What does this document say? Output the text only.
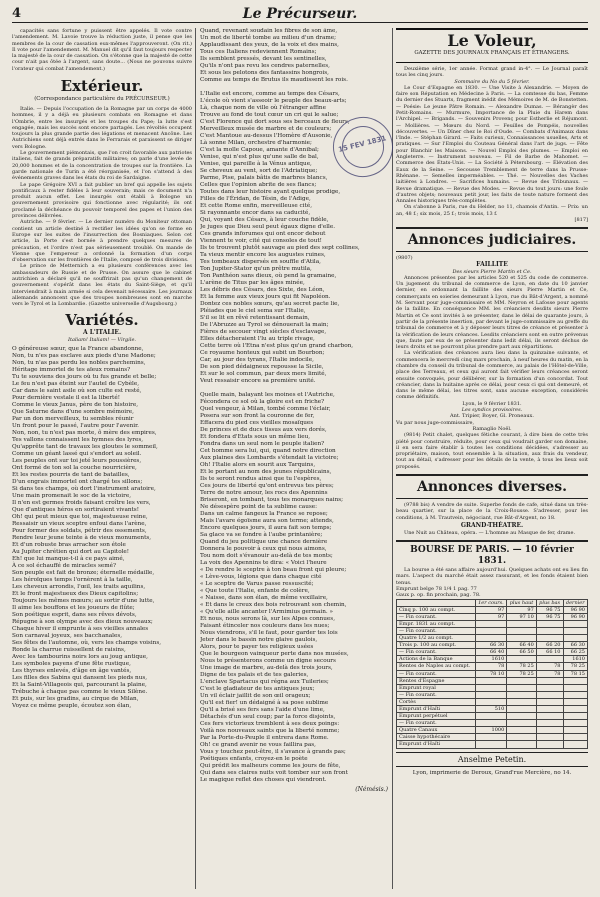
4	Le Précurseur.

capacités sans fortune y puissent être appelés. Il vote contre l'amendement. M. Lavoie trouve la réduction juste, il pense que les membres de la cour de cassation eux-mêmes l'approuveront. (On rit.) Il vote pour l'amendement. M. Manuel dit qu'il faut toujours respecter la majesté de la cour de cassation. On s'étonne que la majesté de cette cour n'ait pas ôtée à l'argent, sans doute... (Nous ne pouvons suivre l'orateur qui combat l'amendement.)

Extérieur.
(Correspondance particulière du PRÉCURSEUR.)

Italie. — Depuis l'occupation de la Romagne par un corps de 4000 hommes, il y a déjà eu plusieurs combats en Romagne et dans l'Ombrie, entre les insurgés et les troupes du Pape; la lutte s'est engagée, mais les succès sont encore partagés. Les révoltés occupent toujours la plus grande partie des légations et menacent Ancône. Les Autrichiens sont déjà entrés dans le Ferrarais et paraissent se diriger vers Bologne.

Le gouvernement piémontais, que l'on croit favorable aux patriotes italiens, fait de grands préparatifs militaires; on parle d'une levée de 20,000 hommes et de la concentration de troupes sur la frontière. La garde nationale de Turin a été réorganisée, et l'on s'attend à des événements graves dans les états du roi de Sardaigne.

Le pape Grégoire XVI a fait publier un bref qui appelle les sujets pontificaux à rester fidèles à leur souverain; mais ce document n'a produit aucun effet. Les insurgés ont établi à Bologne un gouvernement provisoire qui fonctionne avec régularité; ils ont proclamé la déchéance du pouvoir temporel des papes et l'union des provinces délivrées.

Autriche. — 9 février. — Le dernier numéro du Moniteur ottoman contient un article destiné à rectifier les idées qu'on se forme en Europe sur les suites de l'insurrection des Bosniaques. Selon cet article, la Porte s'est bornée à prendre quelques mesures de précaution, et l'ordre n'est pas sérieusement troublé. On mande de Vienne que l'empereur a ordonné la formation d'un corps d'observation sur les frontières de l'Italie, composé de trois divisions.

Le prince de Metternich a eu plusieurs conférences avec les ambassadeurs de Russie et de Prusse. On assure que le cabinet autrichien a déclaré qu'il ne souffrirait pas qu'un changement de gouvernement s'opérât dans les états du Saint-Siège, et qu'il interviendrait à main armée si cela devenait nécessaire. Les journaux allemands annoncent que des troupes nombreuses sont en marche vers le Tyrol et la Lombardie. (Gazette universelle d'Augsbourg.)

Variétés.
A L'ITALIE.
Italiam! Italiam! — Virgile.
O généreuse sœur, que la France abandonne,
Non, tu n'es pas esclave aux pieds d'une Madone;
Non, tu n'as pas perdu les nobles parchemins,
Héritage immortel de tes aïeux romains?
Tu te souviens des jours où tu fus grande et belle;
Le feu n'est pas éteint sur l'autel de Cybèle,
Car dans le saint asile où son culte est resté,
Pour dernière vestale il est la liberté!
Comme le vieux Janus, père de ton histoire,
Que Saturne dans d'une sombre mémoire,
Par un don merveilleux, tu sembles réunir
Un front pour le passé, l'autre pour l'avenir.
Non, non, tu n'est pas morte, ô mère des empires,
Tes vallons connaissent les hymnes des lyres,
Qu'apprête tant de travaux les gloutes le sommeil,
Comme un géant lassé qui s'endort au soleil.
Les peuples ont sur toi jeté leurs poussières,
Ont formé de ton sol la couche nourricière,
Et les restes pourris de tant de batailles,
D'un engrais immortel ont chargé tes sillons;
Si dans tes champs, où dort l'instrument aratoire,
Une main promenait le soc de la victoire,
Il n'en est germes froids faisant croître les vers,
Que d'antiques héros en sortiraient vivants!
Oh! qui peut mieux que toi, majestueuse reine,
Ressaisir un vieux sceptre enfoui dans l'arène,
Pour former des soldats, pétrir des ossements,
Rendre leur jeune teinte à de vieux monuments,
Et d'un robuste bras arracher son étole
Au Jupiter chrétien qui dort au Capitole!
Eh! que lui manque-t-il à ce pays aimé,
À ce sol échauffé de miracles semé?
Son peuple est fait de bronze; éternelle médaille,
Les héroïques temps l'ornèrent à la taille,
Les cheveux arrondis, l'œil, les traits aquilins,
Et le front majestueux des Dieux capitolins;
Toujours les mêmes mœurs; au sortir d'une lutte,
Il aime les bouffons et les joueurs de flûte;
Son poétique esprit, dans ses rêves dévots,
Répugne à son olympe avec des dieux nouveaux;
Chaque hiver il emprunte à ses vieilles annales
Son carnaval joyeux, ses bacchanales,
Ses fêtes de l'automne, où, vers les champs voisins,
Ronde la charrue ruissellent de raisins,
Avec les tambourins noirs lors au joug antique,
Les symboles payens d'une fête rustique,
Les thyrses enlevés, d'âge en âge vantés,
Les filles des Sabins qui dansent les pieds nus,
Et la Saint-Villageois qui, parcourant la plaine,
Trébuche à chaque pas comme le vieux Silène.
Et puis, sur les gradins, au cirque de Milan,
Voyez ce même peuple, écoutez son élan,
Quand, revenant soudain les fibres de son âme,
Un mot de liberté tombe au milieu d'un drame;
Applaudissant des yeux, de la voix et des mains,
Tous ces Italiens redeviennent Romains;
Ils semblent pressés, devant les sentinelles,
Qu'ils n'ont pas revu les cendres paternelles,
Et sous les pelotons des fantassins hongrois,
Comme au temps de Brutus ils maudissent les rois.

L'Italie est encore, comme au temps des Césars,
L'école où vient s'asseoir le peuple des beaux-arts;
Là, chaque nom de ville où l'étranger affine
Trouve au fond de tout cœur un cri qui le salue;
C'est Florence qui dort sous ses berceaux de fleurs,
Merveilleux musée de marbre et de couleurs;
C'est Mantoue au-dessus l'Homère d'Ausonie,
Là sonne Milan, orchestre d'harmonie;
C'est la molle Capoue, amante d'Annibal;
Venise, qui n'est plus qu'une salle de bal,
Venise, qui pareille à la Vénus antique,
Se cheveux au vent, sort de l'Adriatique;
Parme, Pise, palais bâtis de marbres blancs,
Celles que l'opinion abrite de ses flancs;
Toutes dans leur histoire ayant quelque prodige,
Filles de l'Éridan, de Tésin, de l'Adige,
Et cette Rome enfin, merveilleuse cité,
Si rayonnante encor dans sa caducité,
Qui, voyant des Césars, à leur couche fidèle,
Je juges que Dieu seul peut égaux digne d'elle.
Ces grands inforumes qui ont encor debout
Viennent te voir, cité qui consoles de tout!
Ils te trouvent plutôt sauvage au pied des sept collines,
Ta vieux mentir encore les augustes ruines,
Tes tombeaux dispersés en souffle d'Atila,
Ton Jupiter-Stator qu'un prêtre mutila,
Ton Panthéon sans dieux, où pend la gramaine,
L'arène de Titus par les âges minée,
Les débris des Césars, des Sixte, des Léon,
Et la femme aux vieux jours qui fit Napoléon.
Dontez ces nobles sœurs, qu'au secret pacte lie,
Pléiades que le ciel sema sur l'Italie,
S'il se lit en rêvé retentissant demain,
De l'Abruzze au Tyrol se dénouerait la main;
Fières de secouer vingt siècles d'esclavage,
Elles détacheraient l'lu au triple rivage,
Cette terre où l'Etna n'est plus qu'un grand charbon,
Ce royaume honteux qui subit un Bourbon;
Car, au jour des tyrans, l'Italie indocile,
De son pied dédaigneux repousse la Sicile,
Et sur le sol commun, par deux mers limité,
Veut ressaisir encore sa première unité.

Quelle main, balayant les moines et l'Autriche,
Féconderа ce sol où la gloire est en friche?
Quel vengeur, à Milan, tombé comme l'éclair,
Posera sur son front la couronne de fer,
Effacera du pied ces vieilles mosaïques
De princes et de ducs tissus aux vers dorés,
Et fondera d'Etats sous un même lieu,
Fondra dans un seul nom le peuple italien?
Cet homme sera lui, qui, quand notre direction
Aux plaines des Lombards s'étendait la victoire;
Oh! l'Italie alors en sourit aux Tarquins,
Et le portant au nom des jeunes républicains,
Ils te seront rendus ainsi que tu l'espères,
Ces jours de liberté qu'ont entrevus tes pères;
Terre de notre amour, les rocs des Apennins
Briseront, en tombant, tous tes monarques nains;
Ne désespère point de ta sublime cause:
Dans un calme fangeux la France se repose;
Mais l'avare égoïsme aura son terme; attends,
Encore quelques jours, il aura fait son temps;
Sa glace va se fondre à l'aube printanière;
Quand du jeu politique une chance dernière
Donnera le pouvoir à ceux qui nous aimons,
Tou nom doit s'évanouir au-delà de tes monts;
La voix des Apennins te dira: « Voici l'heure
« De rendre le sceptre à ton beau front qui pleure;
« Lève-vous, légions que dans chaque cité
« Le sceptre de Varus passe ressuscité;
« Que toute l'Italie, enfante de colère,
« Naisse, dans son élan, de même vexillaire,
« Et dans le creux des bois retrouvant son chemin,
« Qu'elle aille ancanter l'Armimius germain. »
Et nous, nous serons là, sur les Alpes connues,
Faisant étinceler nos couleurs dans les nues;
Nous viendrons, s'il le faut, pour garder tes lois
Jeter dans le bassin notre glaive gaulois,
Alors, pour te payer tes religieux usées
Que le bourgeon vainqueur perte dans nos musées,
Nous te présenterons comme un digne secours
Une image de marbre, au-delà des trois jours,
Digne de tes palais et de tes galeries,
L'enclave Spartacus qui régna aux Tuileries;
C'est le gladiateur de tes antiques jeux;
Un vil éclair jaillit de son œil orageux;
Qu'il est fier! un dédaigné à sa pose sublime
Qu'il a brisé ses fers sans l'aide d'une lime,
Détachés d'un seul coup; par la force disjoints,
Ces fers victorieux tremblent à ses deux poings:
Voilà nos nouveaux saints que la liberté nomme;
Par la Porte-du-Peuple il entrera dans Rome.
Oh! ce grand avenir ne vous faillira pas,
Vous y touchez peut-être, il s'avance à grands pas;
Poétiques enfants, croyez-en le poète
Qui prédit les malheurs comme les jours de fête,
Qui dans ses claires nuits voit tomber sur son front
Le magique reflet des choses qui viendront.
(Némésis.)
15 FEV 1831
Le Voleur,
GAZETTE DES JOURNAUX FRANÇAIS ET ÉTRANGERS.

Deuxième série, 1er année. Format grand in-4°. — Le Journal paraît tous les cinq jours.

Sommaire du No du 5 février.

Le Cour d'Espagne en 1830. — Une Visite à Alexandrie. — Moyen de faire son Réputation en Médecine à Paris. — La comtesse du bas, Femme du dernier des Stuarts, fragment inédit des Mémoires de M. de Bonstetten. — Poésie: Le jeune Pâtre Romain. — Alexandre Dumas. — Bérangèr des Petit-Romains. — Murmure, Importance de la Pluie du Harem dans l'Archipel. — Brigands. — Souvenirs Provenç pour Estherlie et Réjumont. — Mollières. — Mœurs du Nord. — Feuilles de Pompéis, nouvelles découvertes. — Un Dîner chez le Roi d'Oude. — Combats d'Animaux dans l'Inde. — Stéphan Girard. — Faits curieux, Connaissances usuelles, Arts et pratiques. — Sur l'Emploi du Couteau Général dans l'art de jugs. — Fête pour Blanchir les Maisons. — Nouvel Emploi des plumes. — Emploi en Angleterre. — Instrument nouveau. — Fil de Barbe de Mahomet. — Commerce des États-Unis. — La Société à Pétersbourg. — Élévation des Eaux de la Seine. — Secousse Tremblement de terre dans la Prusse-Rhénane. — Semelles imperméables. — Thé. — Nouvelles des Vaches laitières à Londres. — Sacrifices humains. — Revue des Tribunaux. — Revue dramatique. — Revue des Modes. — Revue du tout jours: une foule d'autres objets; nouveaux petit jour, les faits de toute nature forment des Annales historiques très-complètes.

On s'abonne à Paris, rue du Helder, no 11, chamois d'Antin. — Prix: un an, 48 f.; six mois, 25 f.; trois mois, 13 f.

[817]
Annonces judiciaires.
(9807)
FAILLITE
Des sieurs Pierre Martin et Ce.

Annonces présentes par les articles 520 et 525 du code de commerce. Un jugement du tribunal de commerce de Lyon, en date du 10 janvier dernier, en ordonnant la faillite des sieurs Pierre Martin et Ce, commerçants en soieries demeurant à Lyon, rue du Bât-d'Argent, a nommé M. Servant pour juge-commissaire et MM. Neyron et Lafosse pour agents de la faillite. En conséquence MM. les créanciers desdits sieurs Pierre Martin et Ce sont invités à se présenter, dans le délai de quarante jours, à partir de la présente insertion, par devant le juge-commissaire au greffe du tribunal de commerce et à y déposer leurs titres de créance et présenter à la vérification de leurs créances. Lesdits créanciers sont en outre prévenus que, faute par eux de se présenter dans ledit délai, ils seront déchus de leurs droits et ne pourront plus prendre part aux répartitions.

La vérification des créances aura lieu dans la quinzaine suivante, et commencera le mercredi cinq mars prochain, à neuf heures du matin, en la chambre du conseil du tribunal de commerce, au palais de l'Hôtel-de-Ville, place des Terreaux, et ceux qui auront fait vérifier leurs créances seront ensuite convoqués, pour délibérer, sur la formation d'un concordat. Tout créancier, dans la huitaine après ce délai, pour ceux ci qui ont demeuré, et dans le même délai, les titres sont, sans aucune exception, considérés comme définitifs.

Lyon, le 9 février 1831.
Les syndics provisoires.
Ant. Tripier, Boyer, Gl. Proneaux.
Vu par nous juge-commissaire,
Ramaglio Noël.

(9814) Petit chalet, quelques fétiche courant, à dire bien de cette très piété pour construire, réduite, pour ceux qui voudrait garder son domaine, il en sera faire établir à toutes les conditions décidées, s'adresser au propriétaire, maison, tout ensemble à la situation, aux frais du vendeur, tout au détail, s'adresser pour les détails de la vente, à tous les lieux soit proposés.

Annonces diverses.

(9788 bis) A vendre de suite. Superbe fonds de cafe, situé dans un très-beau quartier, sur la place de la Croix-Rousse. S'adresser, pour les conditions, à M. Trautvein, négociant, rue Bât-d'Argent, no 18.

GRAND-THÉATRE.

Une Nuit au Château, opéra. — L'homme au Masque de fer, drame.

BOURSE DE PARIS. — 10 février 1831.

La bourse a été sans affaire aujourd'hui. Quelques achats ont eu lieu fin mars. L'aspect du marché était assez rassurant, et les fonds étaient bien tenus.

Emprunt belge 78 1/4 1 pag. 77
Gaux p. op. fin prochain, pag. 78.
	1er cours.	plus haut	plus bas	dernier
Cinq p. 100 au compt.	97	97	96 75	96 90
— Fin courant.	97	97 10	96 75	96 90
Empr. 1831 au compt.				
— Fin courant.				
Quatre 1/2 au compt.				
Trois p. 100 au compt.	66 30	66 40	66 20	66 30
— Fin courant.	66 40	66 50	66 10	66 25
Actions de la Banque	1610			1610
Rentes de Naples au compt.	78	78 25	78	78 25
— Fin courant.	78 10	78 25	78	78 15
Rentes d'Espagne				
Emprunt royal				
— Fin courant.				
Cortès				
Emprunt d'Haïti	510			
Emprunt perpétuel				
— Fin courant.				
Quatre Canaux	1000			
Caisse hypothécaire				
Emprunt d'Haïti				
Anselme Petetin.
Lyon, imprimerie de Deroux, Grand'rue Mercière, no 14.
